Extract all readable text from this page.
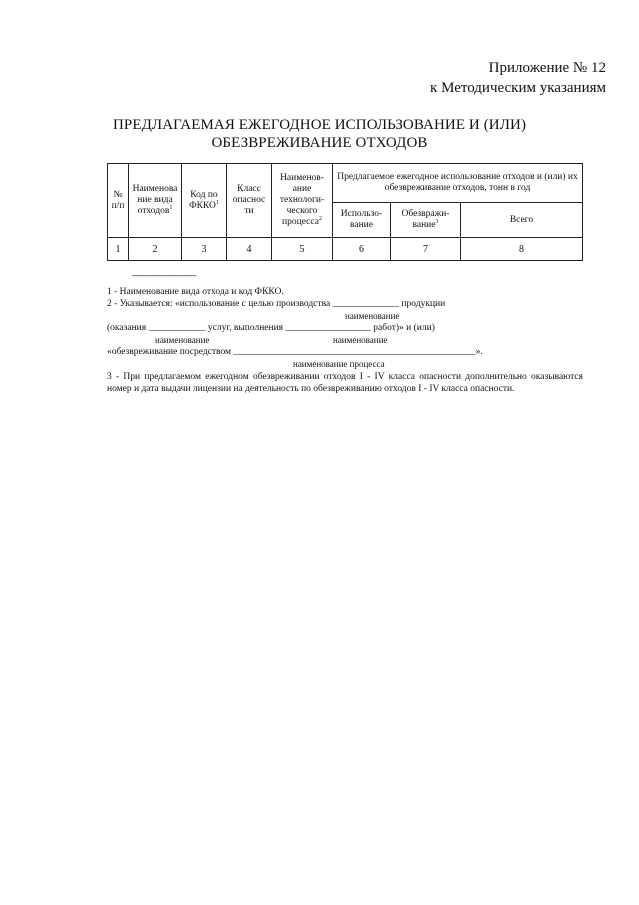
Приложение № 12
к Методическим указаниям
ПРЕДЛАГАЕМАЯ ЕЖЕГОДНОЕ ИСПОЛЬЗОВАНИЕ И (ИЛИ)
ОБЕЗВРЕЖИВАНИЕ ОТХОДОВ
№ п/п	Наименова ние вида отходов$^1$	Код по ФККО$^1$	Класс опаснос ти	Наименов-ание технологи-ческого процесса$^2$	Предлагаемое ежегодное использование отходов и (или) их обезвреживание отходов, тонн в год		
					Использо-вание	Обезвражи-вание$^3$	Всего
1	2	3	4	5	6	7	8
-------------------------------
1 - Наименование вида отхода и код ФККО.
2 - Указывается: «использование с целью производства ______________ продукции
наименование
(оказания ____________ услуг, выполнения __________________ работ)» и (или)
наименование	наименование
«обезвреживание посредством ___________________________________________________».
наименование процесса
3 - При предлагаемом ежегодном обезвреживании отходов I - IV класса опасности дополнительно оказываются номер и дата выдачи лицензии на деятельность по обезвреживанию отходов I - IV класса опасности.
